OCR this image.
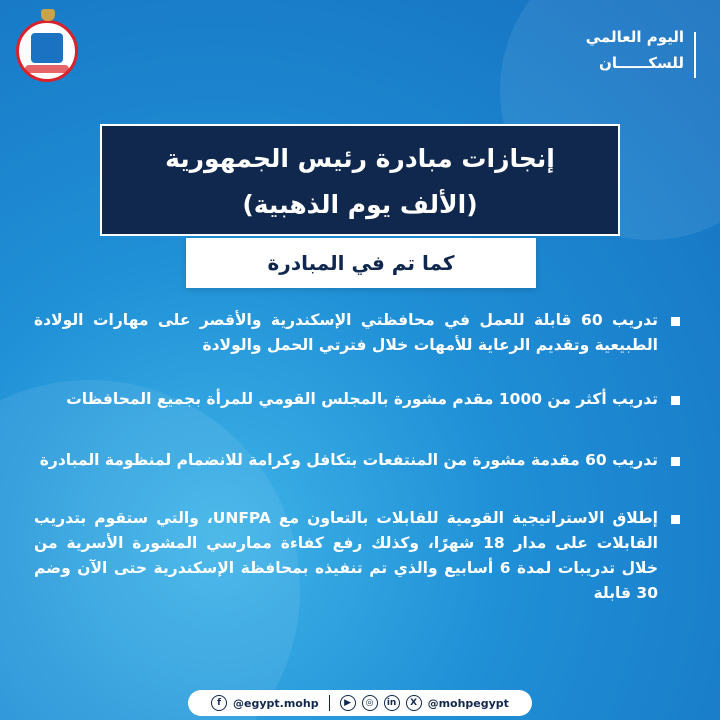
اليوم العالمي
للسكــــــان
إنجازات مبادرة رئيس الجمهورية
(الألف يوم الذهبية)
كما تم في المبادرة
تدريب 60 قابلة للعمل في محافظتي الإسكندرية والأقصر على مهارات الولادة الطبيعية وتقديم الرعاية للأمهات خلال فترتي الحمل والولادة
تدريب أكثر من 1000 مقدم مشورة بالمجلس القومي للمرأة بجميع المحافظات
تدريب 60 مقدمة مشورة من المنتفعات بتكافل وكرامة للانضمام لمنظومة المبادرة
إطلاق الاستراتيجية القومية للقابلات بالتعاون مع UNFPA، والتي ستقوم بتدريب القابلات على مدار 18 شهرًا، وكذلك رفع كفاءة ممارسي المشورة الأسرية من خلال تدريبات لمدة 6 أسابيع والذي تم تنفيذه بمحافظة الإسكندرية حتى الآن وضم 30 قابلة
f	@egypt.mohp	▶	◎	in	X @mohpegypt
